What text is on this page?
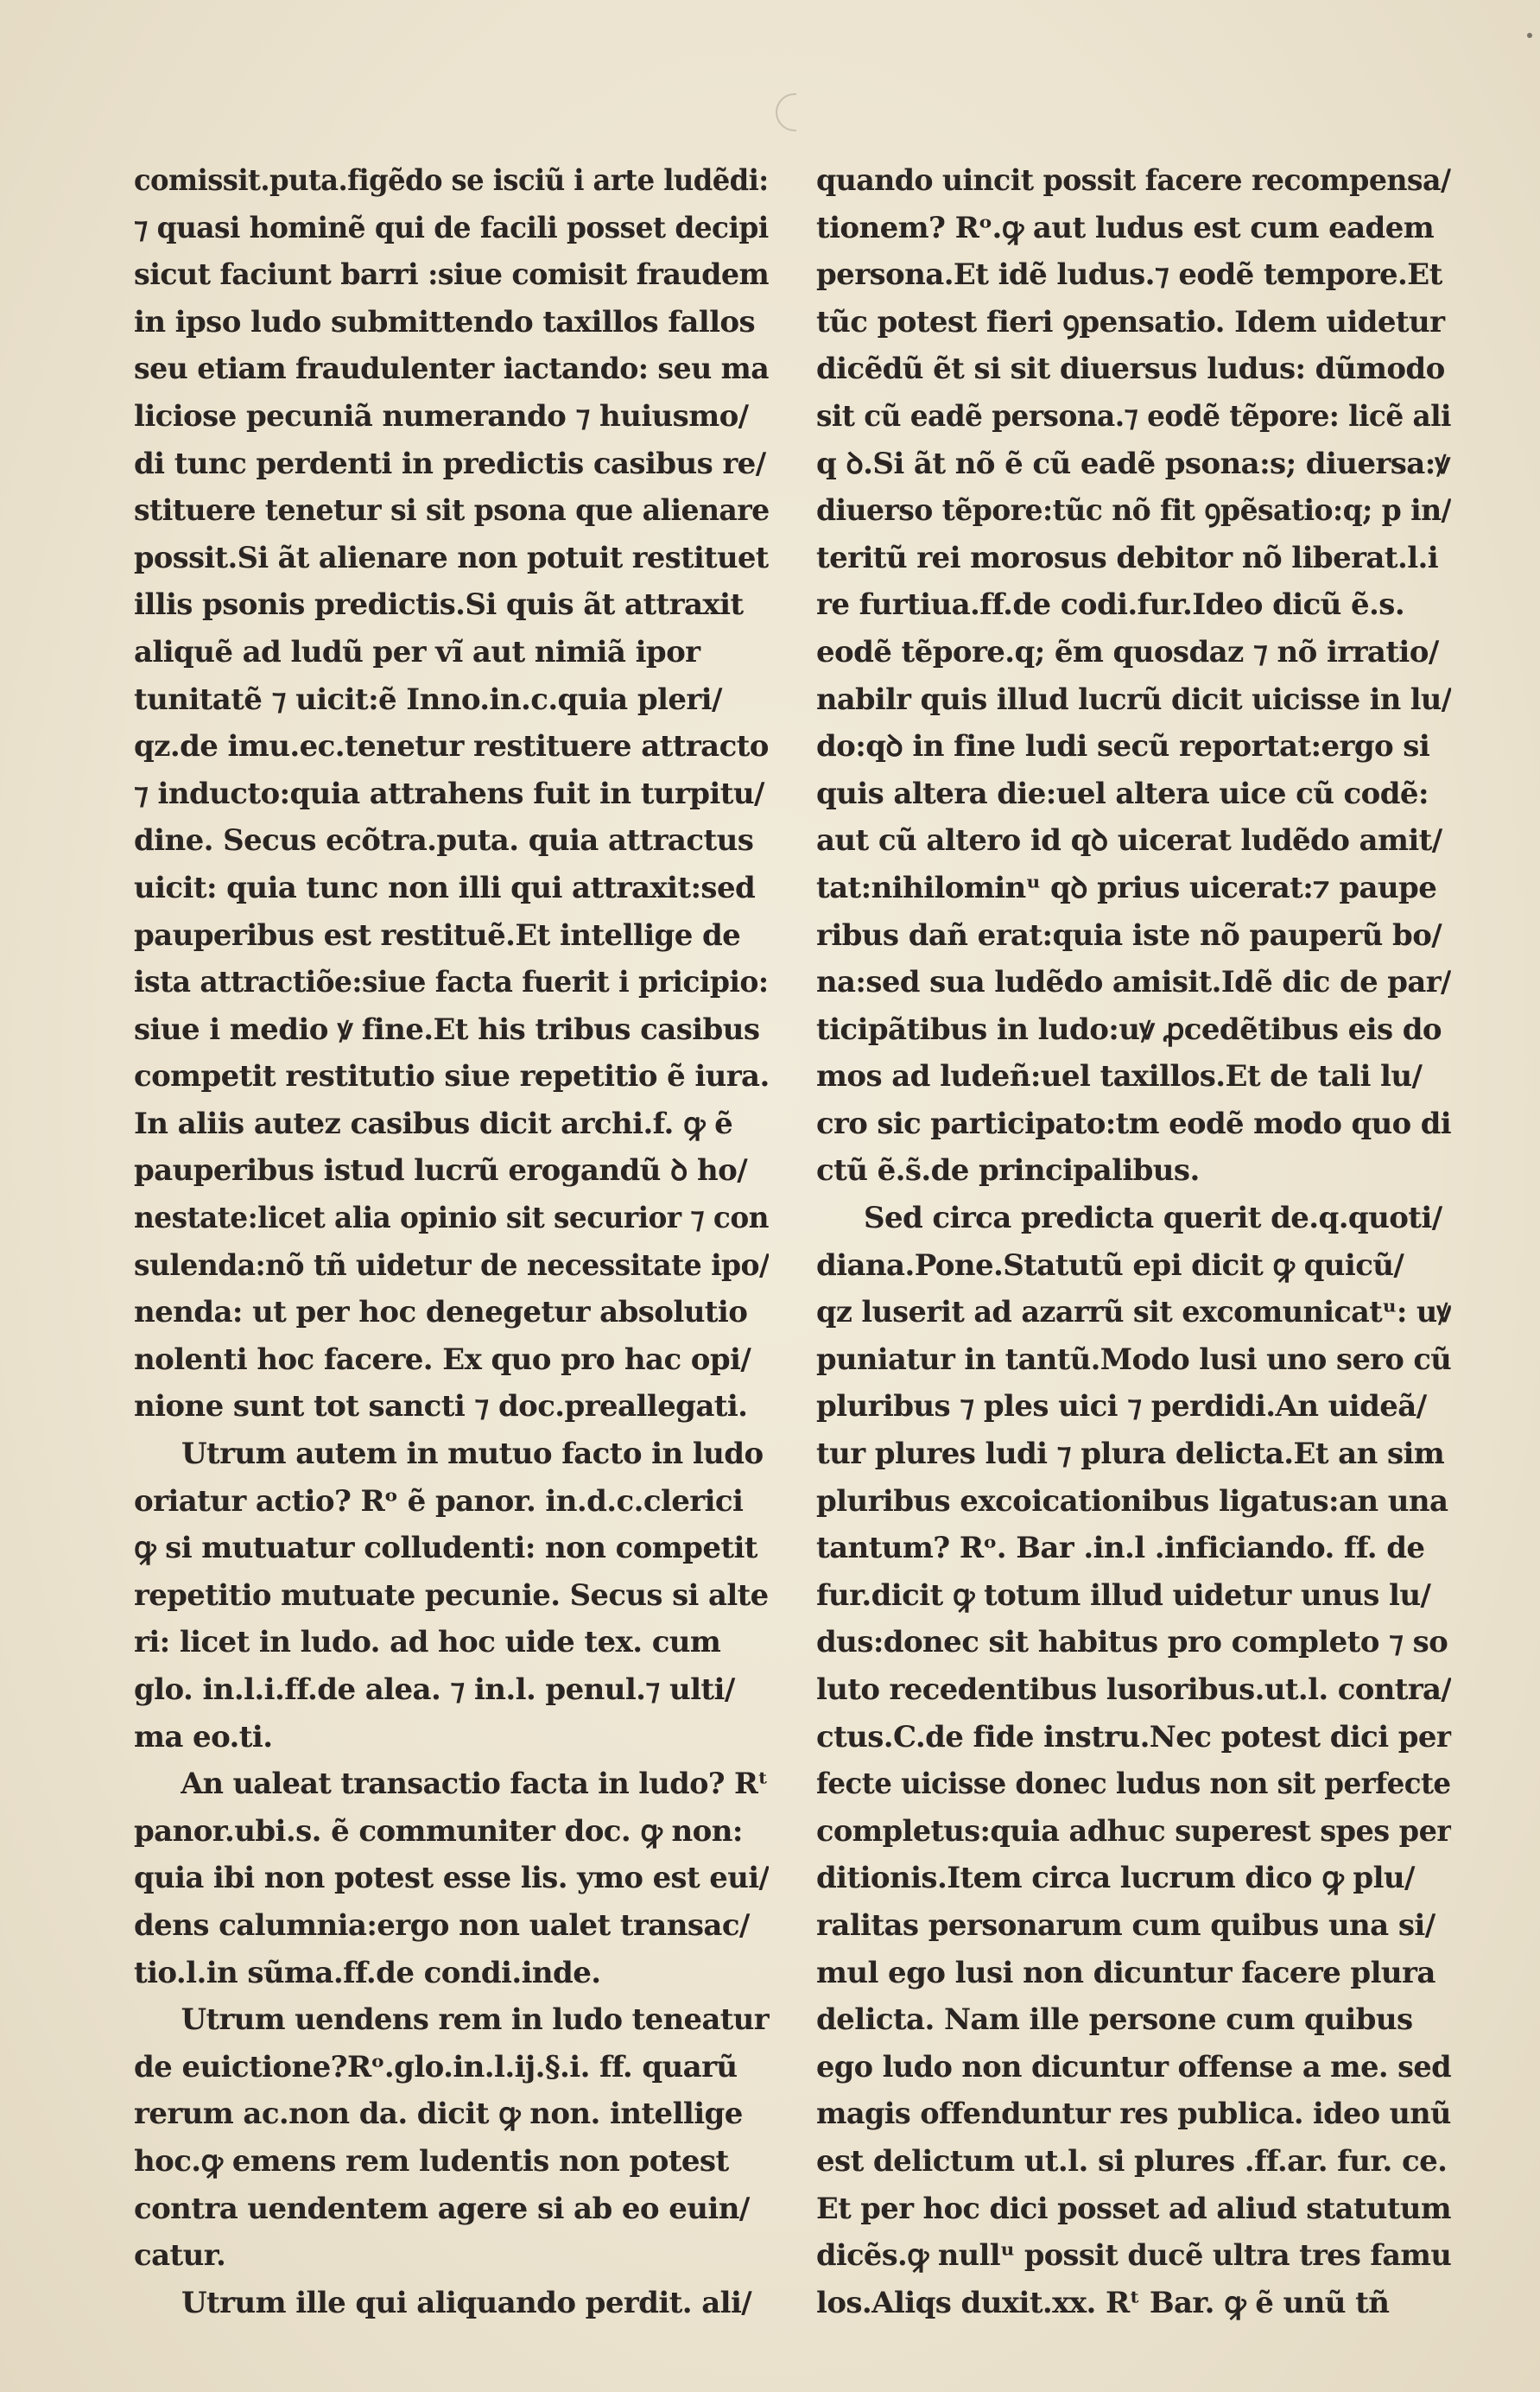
comissit.puta.figẽdo se isciũ i arte ludẽdi:
⁊ quasi hominẽ qui de facili posset decipi
sicut faciunt barri :siue comisit fraudem
in ipso ludo submittendo taxillos fallos
seu etiam fraudulenter iactando: seu ma
liciose pecuniã numerando ⁊ huiusmo/
di tunc perdenti in predictis casibus re/
stituere tenetur si sit psona que alienare
possit.Si ãt alienare non potuit restituet
illis psonis predictis.Si quis ãt attraxit
aliquẽ ad ludũ per vĩ aut nimiã ipor
tunitatẽ ⁊ uicit:ẽ Inno.in.c.quia pleri/
qz.de imu.ec.tenetur restituere attracto
⁊ inducto:quia attrahens fuit in turpitu/
dine. Secus ecõtra.puta. quia attractus
uicit: quia tunc non illi qui attraxit:sed
pauperibus est restituẽ.Et intellige de
ista attractiõe:siue facta fuerit i pricipio:
siue i medio ꝟ fine.Et his tribus casibus
competit restitutio siue repetitio ẽ iura.
In aliis autez casibus dicit archi.f. ꝙ ẽ
pauperibus istud lucrũ erogandũ ꝺ ho/
nestate:licet alia opinio sit securior ⁊ con
sulenda:nõ tñ uidetur de necessitate ipo/
nenda: ut per hoc denegetur absolutio
nolenti hoc facere. Ex quo pro hac opi/
nione sunt tot sancti ⁊ doc.preallegati.
Utrum autem in mutuo facto in ludo
oriatur actio? Rᵒ ẽ panor. in.d.c.clerici
ꝙ si mutuatur colludenti: non competit
repetitio mutuate pecunie. Secus si alte
ri: licet in ludo. ad hoc uide tex. cum
glo. in.l.i.ff.de alea. ⁊ in.l. penul.⁊ ulti/
ma eo.ti.
An ualeat transactio facta in ludo? Rᵗ
panor.ubi.s. ẽ communiter doc. ꝙ non:
quia ibi non potest esse lis. ymo est eui/
dens calumnia:ergo non ualet transac/
tio.l.in sũma.ff.de condi.inde.
Utrum uendens rem in ludo teneatur
de euictione?Rᵒ.glo.in.l.ij.§.i. ff. quarũ
rerum ac.non da. dicit ꝙ non. intellige
hoc.ꝙ emens rem ludentis non potest
contra uendentem agere si ab eo euin/
catur.
Utrum ille qui aliquando perdit. ali/
quando uincit possit facere recompensa/
tionem? Rᵒ.ꝙ aut ludus est cum eadem
persona.Et idẽ ludus.⁊ eodẽ tempore.Et
tũc potest fieri ꝯpensatio. Idem uidetur
dicẽdũ ẽt si sit diuersus ludus: dũmodo
sit cũ eadẽ persona.⁊ eodẽ tẽpore: licẽ ali
q ꝺ.Si ãt nõ ẽ cũ eadẽ psona:s; diuersa:ꝟ
diuerso tẽpore:tũc nõ fit ꝯpẽsatio:q; p in/
teritũ rei morosus debitor nõ liberat.l.i
re furtiua.ff.de codi.fur.Ideo dicũ ẽ.s.
eodẽ tẽpore.q; ẽm quosdaz ⁊ nõ irratio/
nabilr quis illud lucrũ dicit uicisse in lu/
do:qꝺ in fine ludi secũ reportat:ergo si
quis altera die:uel altera uice cũ codẽ:
aut cũ altero id qꝺ uicerat ludẽdo amit/
tat:nihilominᵘ qꝺ prius uicerat:⁊ paupe
ribus dañ erat:quia iste nõ pauperũ bo/
na:sed sua ludẽdo amisit.Idẽ dic de par/
ticipãtibus in ludo:uꝟ ꝓcedẽtibus eis do
mos ad ludeñ:uel taxillos.Et de tali lu/
cro sic participato:tm eodẽ modo quo di
ctũ ẽ.s̃.de principalibus.
Sed circa predicta querit de.q.quoti/
diana.Pone.Statutũ epi dicit ꝙ quicũ/
qz luserit ad azarrũ sit excomunicatᵘ: uꝟ
puniatur in tantũ.Modo lusi uno sero cũ
pluribus ⁊ ples uici ⁊ perdidi.An uideã/
tur plures ludi ⁊ plura delicta.Et an sim
pluribus excoicationibus ligatus:an una
tantum? Rᵒ. Bar .in.l .inficiando. ff. de
fur.dicit ꝙ totum illud uidetur unus lu/
dus:donec sit habitus pro completo ⁊ so
luto recedentibus lusoribus.ut.l. contra/
ctus.C.de fide instru.Nec potest dici per
fecte uicisse donec ludus non sit perfecte
completus:quia adhuc superest spes per
ditionis.Item circa lucrum dico ꝙ plu/
ralitas personarum cum quibus una si/
mul ego lusi non dicuntur facere plura
delicta. Nam ille persone cum quibus
ego ludo non dicuntur offense a me. sed
magis offenduntur res publica. ideo unũ
est delictum ut.l. si plures .ff.ar. fur. ce.
Et per hoc dici posset ad aliud statutum
dicẽs.ꝙ nullᵘ possit ducẽ ultra tres famu
los.Aliqs duxit.xx. Rᵗ Bar. ꝙ ẽ unũ tñ
